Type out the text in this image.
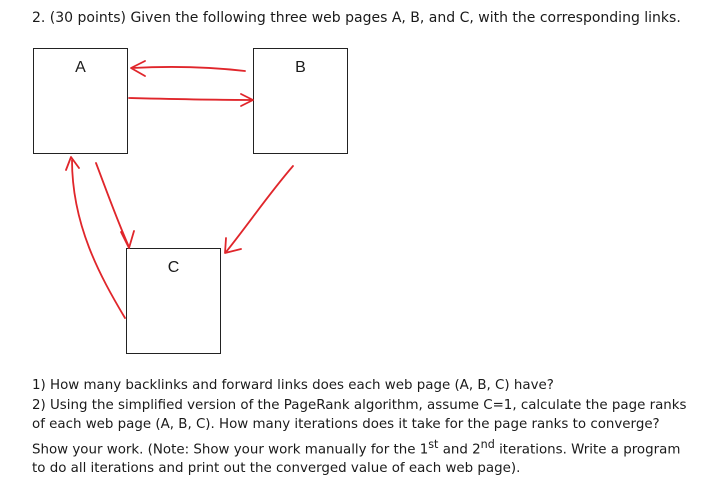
2. (30 points) Given the following three web pages A, B, and C, with the corresponding links.
A	B
C

1) How many backlinks and forward links does each web page (A, B, C) have?

2) Using the simplified version of the PageRank algorithm, assume C=1, calculate the page ranks of each web page (A, B, C). How many iterations does it take for the page ranks to converge? Show your work. (Note: Show your work manually for the 1st and 2nd iterations. Write a program to do all iterations and print out the converged value of each web page).
